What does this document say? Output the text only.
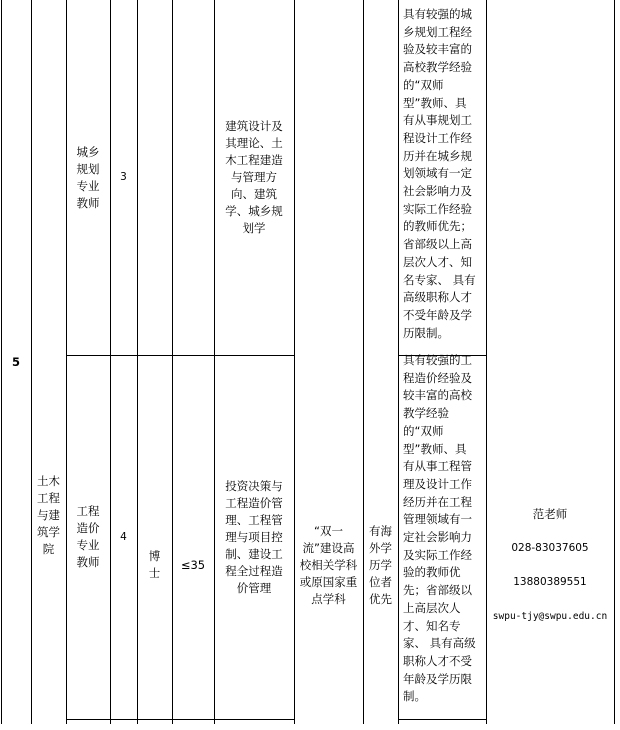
5
土木
工程
与建
筑学
院
博
士
≤35
“双一
流”建设高
校相关学科
或原国家重
点学科
有海
外学
历学
位者
优先

范老师

028-83037605

13880389551

swpu-tjy@swpu.edu.cn

城乡
规划
专业
教师
3
建筑设计及
其理论、土
木工程建造
与管理方
向、建筑
学、城乡规
划学
具有较强的城
乡规划工程经
验及较丰富的
高校教学经验
的“双师
型”教师、具
有从事规划工
程设计工作经
历并在城乡规
划领域有一定
社会影响力及
实际工作经验
的教师优先；
省部级以上高
层次人才、知
名专家、 具有
高级职称人才
不受年龄及学
历限制。
工程
造价
专业
教师
4
投资决策与
工程造价管
理、工程管
理与项目控
制、建设工
程全过程造
价管理
具有较强的工
程造价经验及
较丰富的高校
教学经验
的“双师
型”教师、具
有从事工程管
理及设计工作
经历并在工程
管理领域有一
定社会影响力
及实际工作经
验的教师优
先；省部级以
上高层次人
才、知名专
家、 具有高级
职称人才不受
年龄及学历限
制。
